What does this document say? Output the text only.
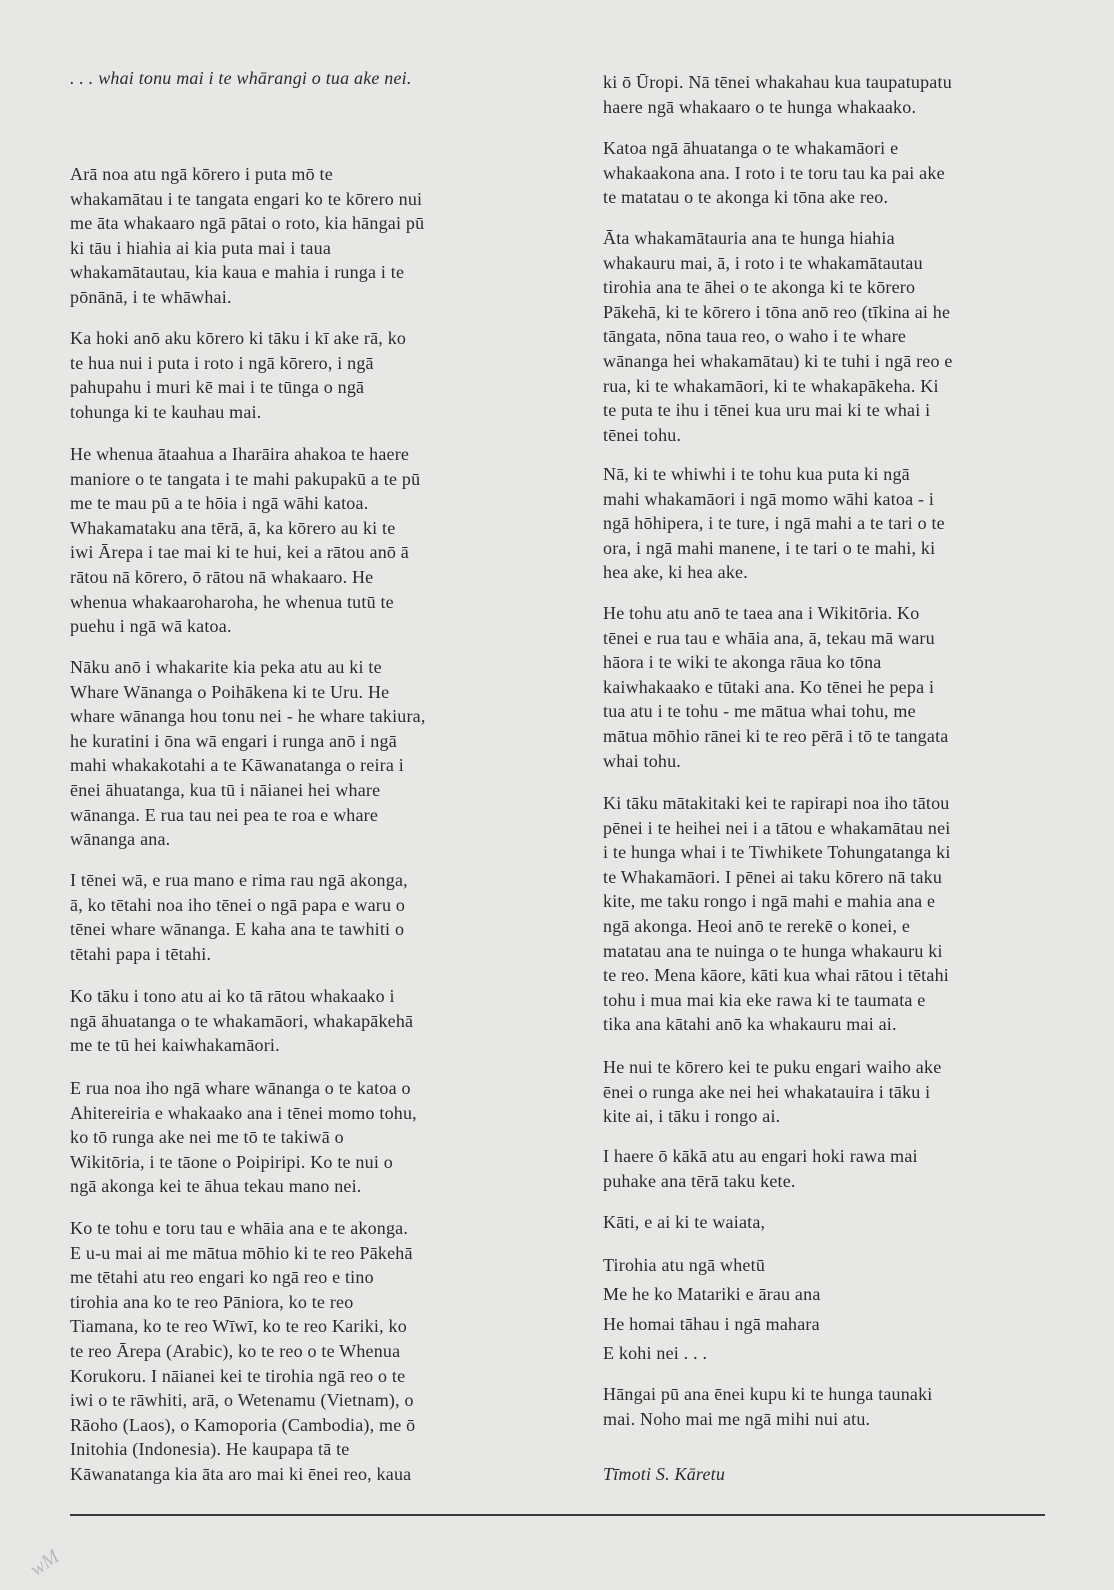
. . . whai tonu mai i te whārangi o tua ake nei.

Arā noa atu ngā kōrero i puta mō te
whakamātau i te tangata engari ko te kōrero nui
me āta whakaaro ngā pātai o roto, kia hāngai pū
ki tāu i hiahia ai kia puta mai i taua
whakamātautau, kia kaua e mahia i runga i te
pōnānā, i te whāwhai.

Ka hoki anō aku kōrero ki tāku i kī ake rā, ko
te hua nui i puta i roto i ngā kōrero, i ngā
pahupahu i muri kē mai i te tūnga o ngā
tohunga ki te kauhau mai.

He whenua ātaahua a Iharāira ahakoa te haere
maniore o te tangata i te mahi pakupakū a te pū
me te mau pū a te hōia i ngā wāhi katoa.
Whakamataku ana tērā, ā, ka kōrero au ki te
iwi Ārepa i tae mai ki te hui, kei a rātou anō ā
rātou nā kōrero, ō rātou nā whakaaro. He
whenua whakaaroharoha, he whenua tutū te
puehu i ngā wā katoa.

Nāku anō i whakarite kia peka atu au ki te
Whare Wānanga o Poihākena ki te Uru. He
whare wānanga hou tonu nei - he whare takiura,
he kuratini i ōna wā engari i runga anō i ngā
mahi whakakotahi a te Kāwanatanga o reira i
ēnei āhuatanga, kua tū i nāianei hei whare
wānanga. E rua tau nei pea te roa e whare
wānanga ana.

I tēnei wā, e rua mano e rima rau ngā akonga,
ā, ko tētahi noa iho tēnei o ngā papa e waru o
tēnei whare wānanga. E kaha ana te tawhiti o
tētahi papa i tētahi.

Ko tāku i tono atu ai ko tā rātou whakaako i
ngā āhuatanga o te whakamāori, whakapākehā
me te tū hei kaiwhakamāori.

E rua noa iho ngā whare wānanga o te katoa o
Ahitereiria e whakaako ana i tēnei momo tohu,
ko tō runga ake nei me tō te takiwā o
Wikitōria, i te tāone o Poipiripi. Ko te nui o
ngā akonga kei te āhua tekau mano nei.

Ko te tohu e toru tau e whāia ana e te akonga.
E u-u mai ai me mātua mōhio ki te reo Pākehā
me tētahi atu reo engari ko ngā reo e tino
tirohia ana ko te reo Pāniora, ko te reo
Tiamana, ko te reo Wīwī, ko te reo Kariki, ko
te reo Ārepa (Arabic), ko te reo o te Whenua
Korukoru. I nāianei kei te tirohia ngā reo o te
iwi o te rāwhiti, arā, o Wetenamu (Vietnam), o
Rāoho (Laos), o Kamoporia (Cambodia), me ō
Initohia (Indonesia). He kaupapa tā te
Kāwanatanga kia āta aro mai ki ēnei reo, kaua

ki ō Ūropi. Nā tēnei whakahau kua taupatupatu
haere ngā whakaaro o te hunga whakaako.

Katoa ngā āhuatanga o te whakamāori e
whakaakona ana. I roto i te toru tau ka pai ake
te matatau o te akonga ki tōna ake reo.

Āta whakamātauria ana te hunga hiahia
whakauru mai, ā, i roto i te whakamātautau
tirohia ana te āhei o te akonga ki te kōrero
Pākehā, ki te kōrero i tōna anō reo (tīkina ai he
tāngata, nōna taua reo, o waho i te whare
wānanga hei whakamātau) ki te tuhi i ngā reo e
rua, ki te whakamāori, ki te whakapākeha. Ki
te puta te ihu i tēnei kua uru mai ki te whai i
tēnei tohu.

Nā, ki te whiwhi i te tohu kua puta ki ngā
mahi whakamāori i ngā momo wāhi katoa - i
ngā hōhipera, i te ture, i ngā mahi a te tari o te
ora, i ngā mahi manene, i te tari o te mahi, ki
hea ake, ki hea ake.

He tohu atu anō te taea ana i Wikitōria. Ko
tēnei e rua tau e whāia ana, ā, tekau mā waru
hāora i te wiki te akonga rāua ko tōna
kaiwhakaako e tūtaki ana. Ko tēnei he pepa i
tua atu i te tohu - me mātua whai tohu, me
mātua mōhio rānei ki te reo pērā i tō te tangata
whai tohu.

Ki tāku mātakitaki kei te rapirapi noa iho tātou
pēnei i te heihei nei i a tātou e whakamātau nei
i te hunga whai i te Tiwhikete Tohungatanga ki
te Whakamāori. I pēnei ai taku kōrero nā taku
kite, me taku rongo i ngā mahi e mahia ana e
ngā akonga. Heoi anō te rerekē o konei, e
matatau ana te nuinga o te hunga whakauru ki
te reo. Mena kāore, kāti kua whai rātou i tētahi
tohu i mua mai kia eke rawa ki te taumata e
tika ana kātahi anō ka whakauru mai ai.

He nui te kōrero kei te puku engari waiho ake
ēnei o runga ake nei hei whakatauira i tāku i
kite ai, i tāku i rongo ai.

I haere ō kākā atu au engari hoki rawa mai
puhake ana tērā taku kete.

Kāti, e ai ki te waiata,

Tirohia atu ngā whetū
Me he ko Matariki e ārau ana
He homai tāhau i ngā mahara
E kohi nei . . .

Hāngai pū ana ēnei kupu ki te hunga taunaki
mai. Noho mai me ngā mihi nui atu.

Tīmoti S. Kāretu

wM
